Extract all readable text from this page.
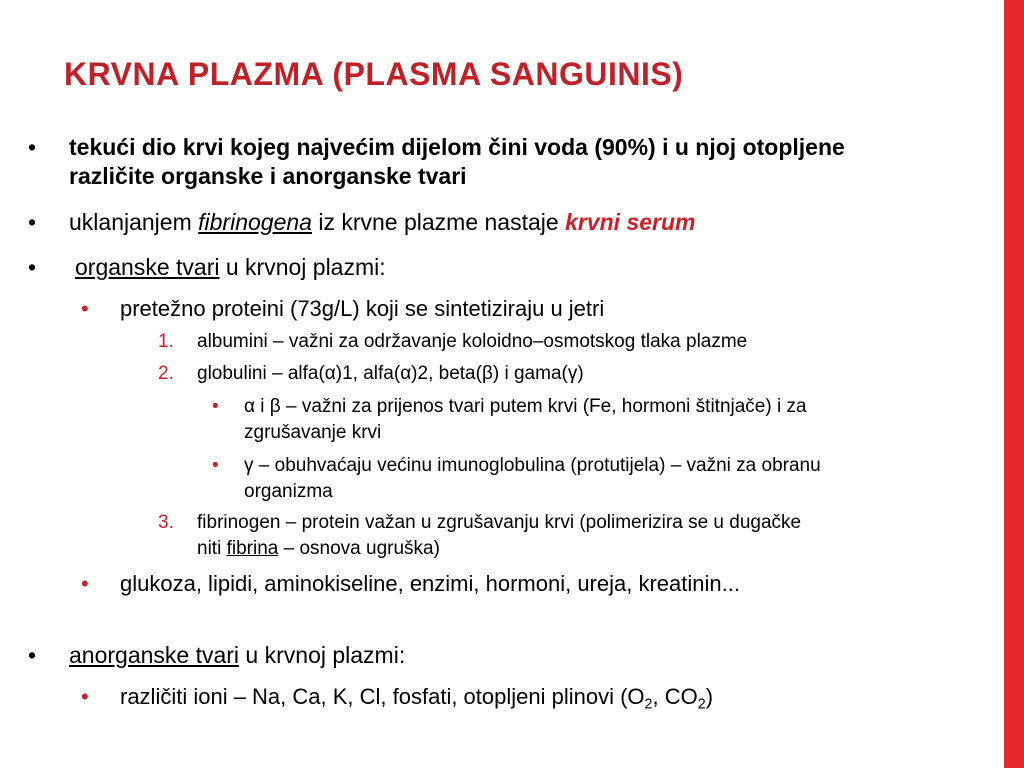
KRVNA PLAZMA (PLASMA SANGUINIS)
• tekući dio krvi kojeg najvećim dijelom čini voda (90%) i u njoj otopljene
različite organske i anorganske tvari
• uklanjanjem fibrinogena iz krvne plazme nastaje krvni serum
• organske tvari u krvnoj plazmi:
• pretežno proteini (73g/L) koji se sintetiziraju u jetri
1. albumini – važni za održavanje koloidno–osmotskog tlaka plazme
2. globulini – alfa(α)1, alfa(α)2, beta(β) i gama(γ)
• α i β – važni za prijenos tvari putem krvi (Fe, hormoni štitnjače) i za
zgrušavanje krvi
• γ – obuhvaćaju većinu imunoglobulina (protutijela) – važni za obranu
organizma
3. fibrinogen – protein važan u zgrušavanju krvi (polimerizira se u dugačke
niti fibrina – osnova ugruška)
• glukoza, lipidi, aminokiseline, enzimi, hormoni, ureja, kreatinin...
• anorganske tvari u krvnoj plazmi:
• različiti ioni – Na, Ca, K, Cl, fosfati, otopljeni plinovi ($O_2$, $CO_2$)
